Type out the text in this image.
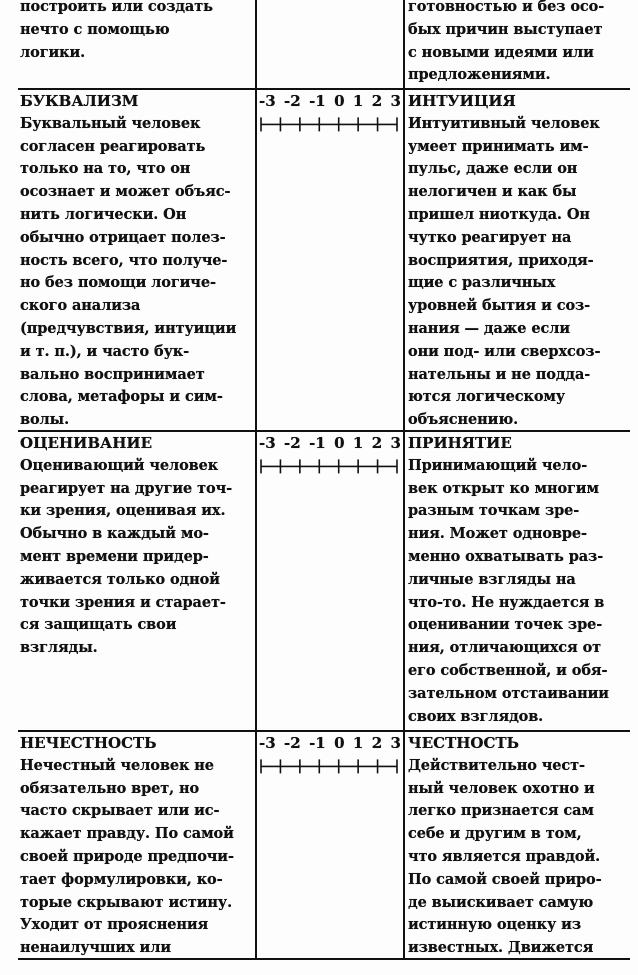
построить или создать
нечто с помощью
логики.
готовностью и без осо-
бых причин выступает
с новыми идеями или
предложениями.
БУКВАЛИЗМ
Буквальный человек
согласен реагировать
только на то, что он
осознает и может объяс-
нить логически. Он
обычно отрицает полез-
ность всего, что получе-
но без помощи логиче-
ского анализа
(предчувствия, интуиции
и т. п.), и часто бук-
вально воспринимает
слова, метафоры и сим-
волы.
-3 -2 -1 0 1 2 3 ИНТУИЦИЯ
Интуитивный человек
умеет принимать им-
пульс, даже если он
нелогичен и как бы
пришел ниоткуда. Он
чутко реагирует на
восприятия, приходя-
щие с различных
уровней бытия и соз-
нания — даже если
они под- или сверхсоз-
нательны и не подда-
ются логическому
объяснению.
ОЦЕНИВАНИЕ
Оценивающий человек
реагирует на другие точ-
ки зрения, оценивая их.
Обычно в каждый мо-
мент времени придер-
живается только одной
точки зрения и старает-
ся защищать свои
взгляды.
-3 -2 -1 0 1 2 3 ПРИНЯТИЕ
Принимающий чело-
век открыт ко многим
разным точкам зре-
ния. Может одновре-
менно охватывать раз-
личные взгляды на
что-то. Не нуждается в
оценивании точек зре-
ния, отличающихся от
его собственной, и обя-
зательном отстаивании
своих взглядов.
НЕЧЕСТНОСТЬ
Нечестный человек не
обязательно врет, но
часто скрывает или ис-
кажает правду. По самой
своей природе предпочи-
тает формулировки, ко-
торые скрывают истину.
Уходит от прояснения
ненаилучших или
-3 -2 -1 0 1 2 3 ЧЕСТНОСТЬ
Действительно чест-
ный человек охотно и
легко признается сам
себе и другим в том,
что является правдой.
По самой своей приро-
де выискивает самую
истинную оценку из
известных. Движется
